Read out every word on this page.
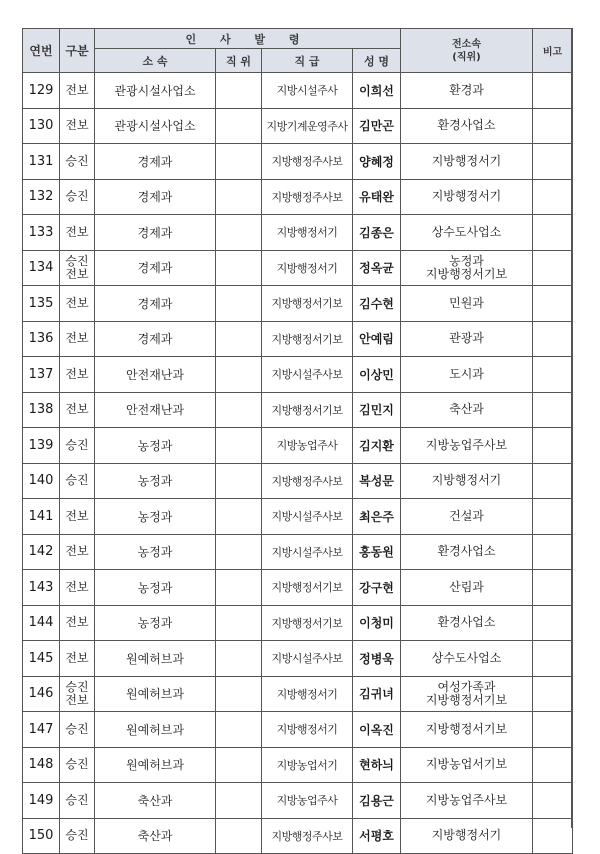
연번	구분	인 사 발 령				전소속
(직위)	비고
		소 속	직 위	직 급	성 명		
129	전보	관광시설사업소		지방시설주사	이희선	환경과	
130	전보	관광시설사업소		지방기계운영주사	김만곤	환경사업소	
131	승진	경제과		지방행정주사보	양혜정	지방행정서기	
132	승진	경제과		지방행정주사보	유태완	지방행정서기	
133	전보	경제과		지방행정서기	김종은	상수도사업소	
134	승진
전보	경제과		지방행정서기	정옥균	농정과
지방행정서기보	

135	전보	경제과		지방행정서기보	김수현	민원과	
136	전보	경제과		지방행정서기보	안예림	관광과	
137	전보	안전재난과		지방시설주사보	이상민	도시과	
138	전보	안전재난과		지방행정서기보	김민지	축산과	
139	승진	농정과		지방농업주사	김지환	지방농업주사보	
140	승진	농정과		지방행정주사보	복성문	지방행정서기	
141	전보	농정과		지방시설주사보	최은주	건설과	
142	전보	농정과		지방시설주사보	홍동원	환경사업소	
143	전보	농정과		지방행정서기보	강구현	산림과	
144	전보	농정과		지방행정서기보	이청미	환경사업소	
145	전보	원예허브과		지방시설주사보	정병욱	상수도사업소	
146	승진
전보	원예허브과		지방행정서기	김귀녀	여성가족과
지방행정서기보	

147	승진	원예허브과		지방행정서기	이옥진	지방행정서기보	
148	승진	원예허브과		지방농업서기	현하늬	지방농업서기보	
149	승진	축산과		지방농업주사	김용근	지방농업주사보	
150	승진	축산과		지방행정주사보	서평호	지방행정서기	
